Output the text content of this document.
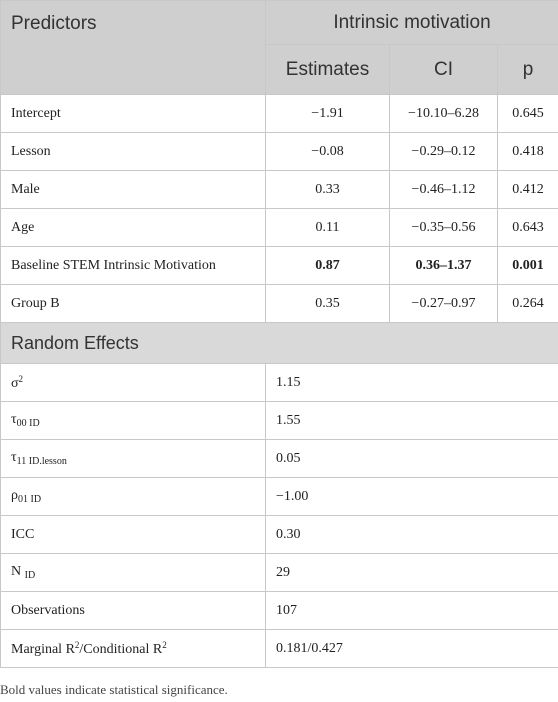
Predictors	Intrinsic motivation		
	Estimates	CI	p
Intercept	−1.91	−10.10–6.28	0.645
Lesson	−0.08	−0.29–0.12	0.418
Male	0.33	−0.46–1.12	0.412
Age	0.11	−0.35–0.56	0.643
Baseline STEM Intrinsic Motivation	0.87	0.36–1.37	0.001
Group B	0.35	−0.27–0.97	0.264
Random Effects			
$\sigma^2$	1.15		
$\tau_{00 ID}$	1.55		
$\tau_{11 ID.lesson}$	0.05		
$\rho_{01 ID}$	−1.00		
ICC	0.30		
N $_{ID}$	29		
Observations	107		
Marginal $R^2$/Conditional $R^2$	0.181/0.427		
Bold values indicate statistical significance.
